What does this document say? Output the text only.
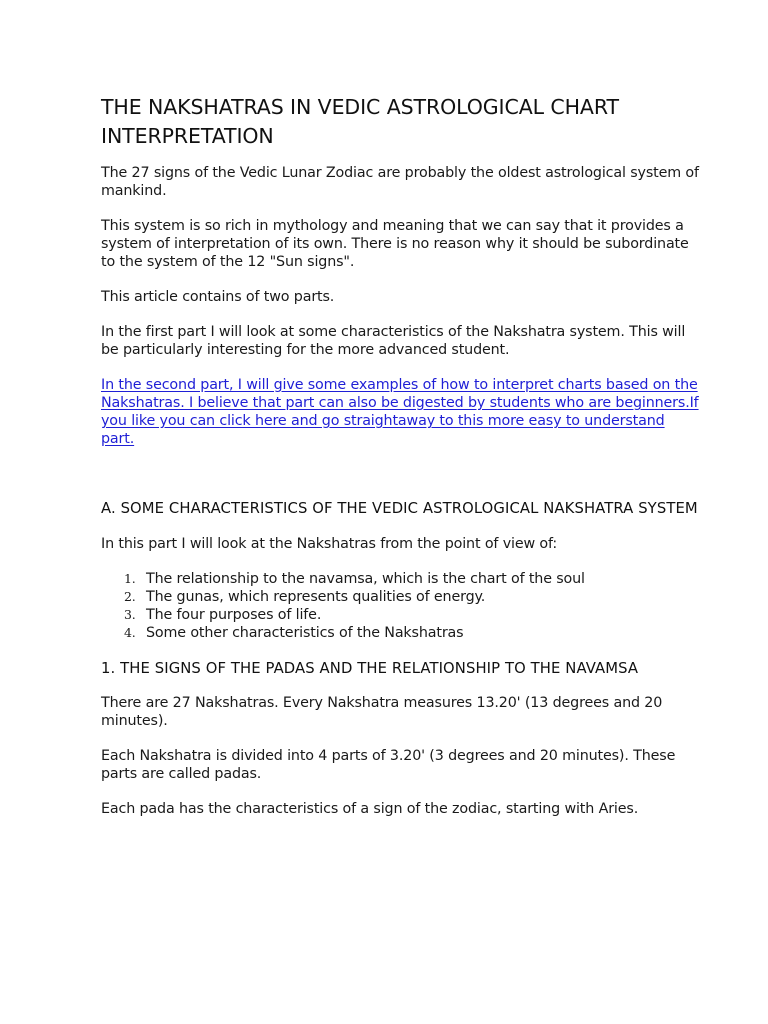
THE NAKSHATRAS IN VEDIC ASTROLOGICAL CHART INTERPRETATION

The 27 signs of the Vedic Lunar Zodiac are probably the oldest astrological system of mankind.

This system is so rich in mythology and meaning that we can say that it provides a system of interpretation of its own. There is no reason why it should be subordinate to the system of the 12 "Sun signs".

This article contains of two parts.

In the first part I will look at some characteristics of the Nakshatra system. This will be particularly interesting for the more advanced student.

In the second part, I will give some examples of how to interpret charts based on the Nakshatras. I believe that part can also be digested by students who are beginners.If you like you can click here and go straightaway to this more easy to understand part.

A. SOME CHARACTERISTICS OF THE VEDIC ASTROLOGICAL NAKSHATRA SYSTEM

In this part I will look at the Nakshatras from the point of view of:

1. The relationship to the navamsa, which is the chart of the soul
2. The gunas, which represents qualities of energy.
3. The four purposes of life.
4. Some other characteristics of the Nakshatras
1. THE SIGNS OF THE PADAS AND THE RELATIONSHIP TO THE NAVAMSA

There are 27 Nakshatras. Every Nakshatra measures 13.20' (13 degrees and 20 minutes).

Each Nakshatra is divided into 4 parts of 3.20' (3 degrees and 20 minutes). These parts are called padas.

Each pada has the characteristics of a sign of the zodiac, starting with Aries.
